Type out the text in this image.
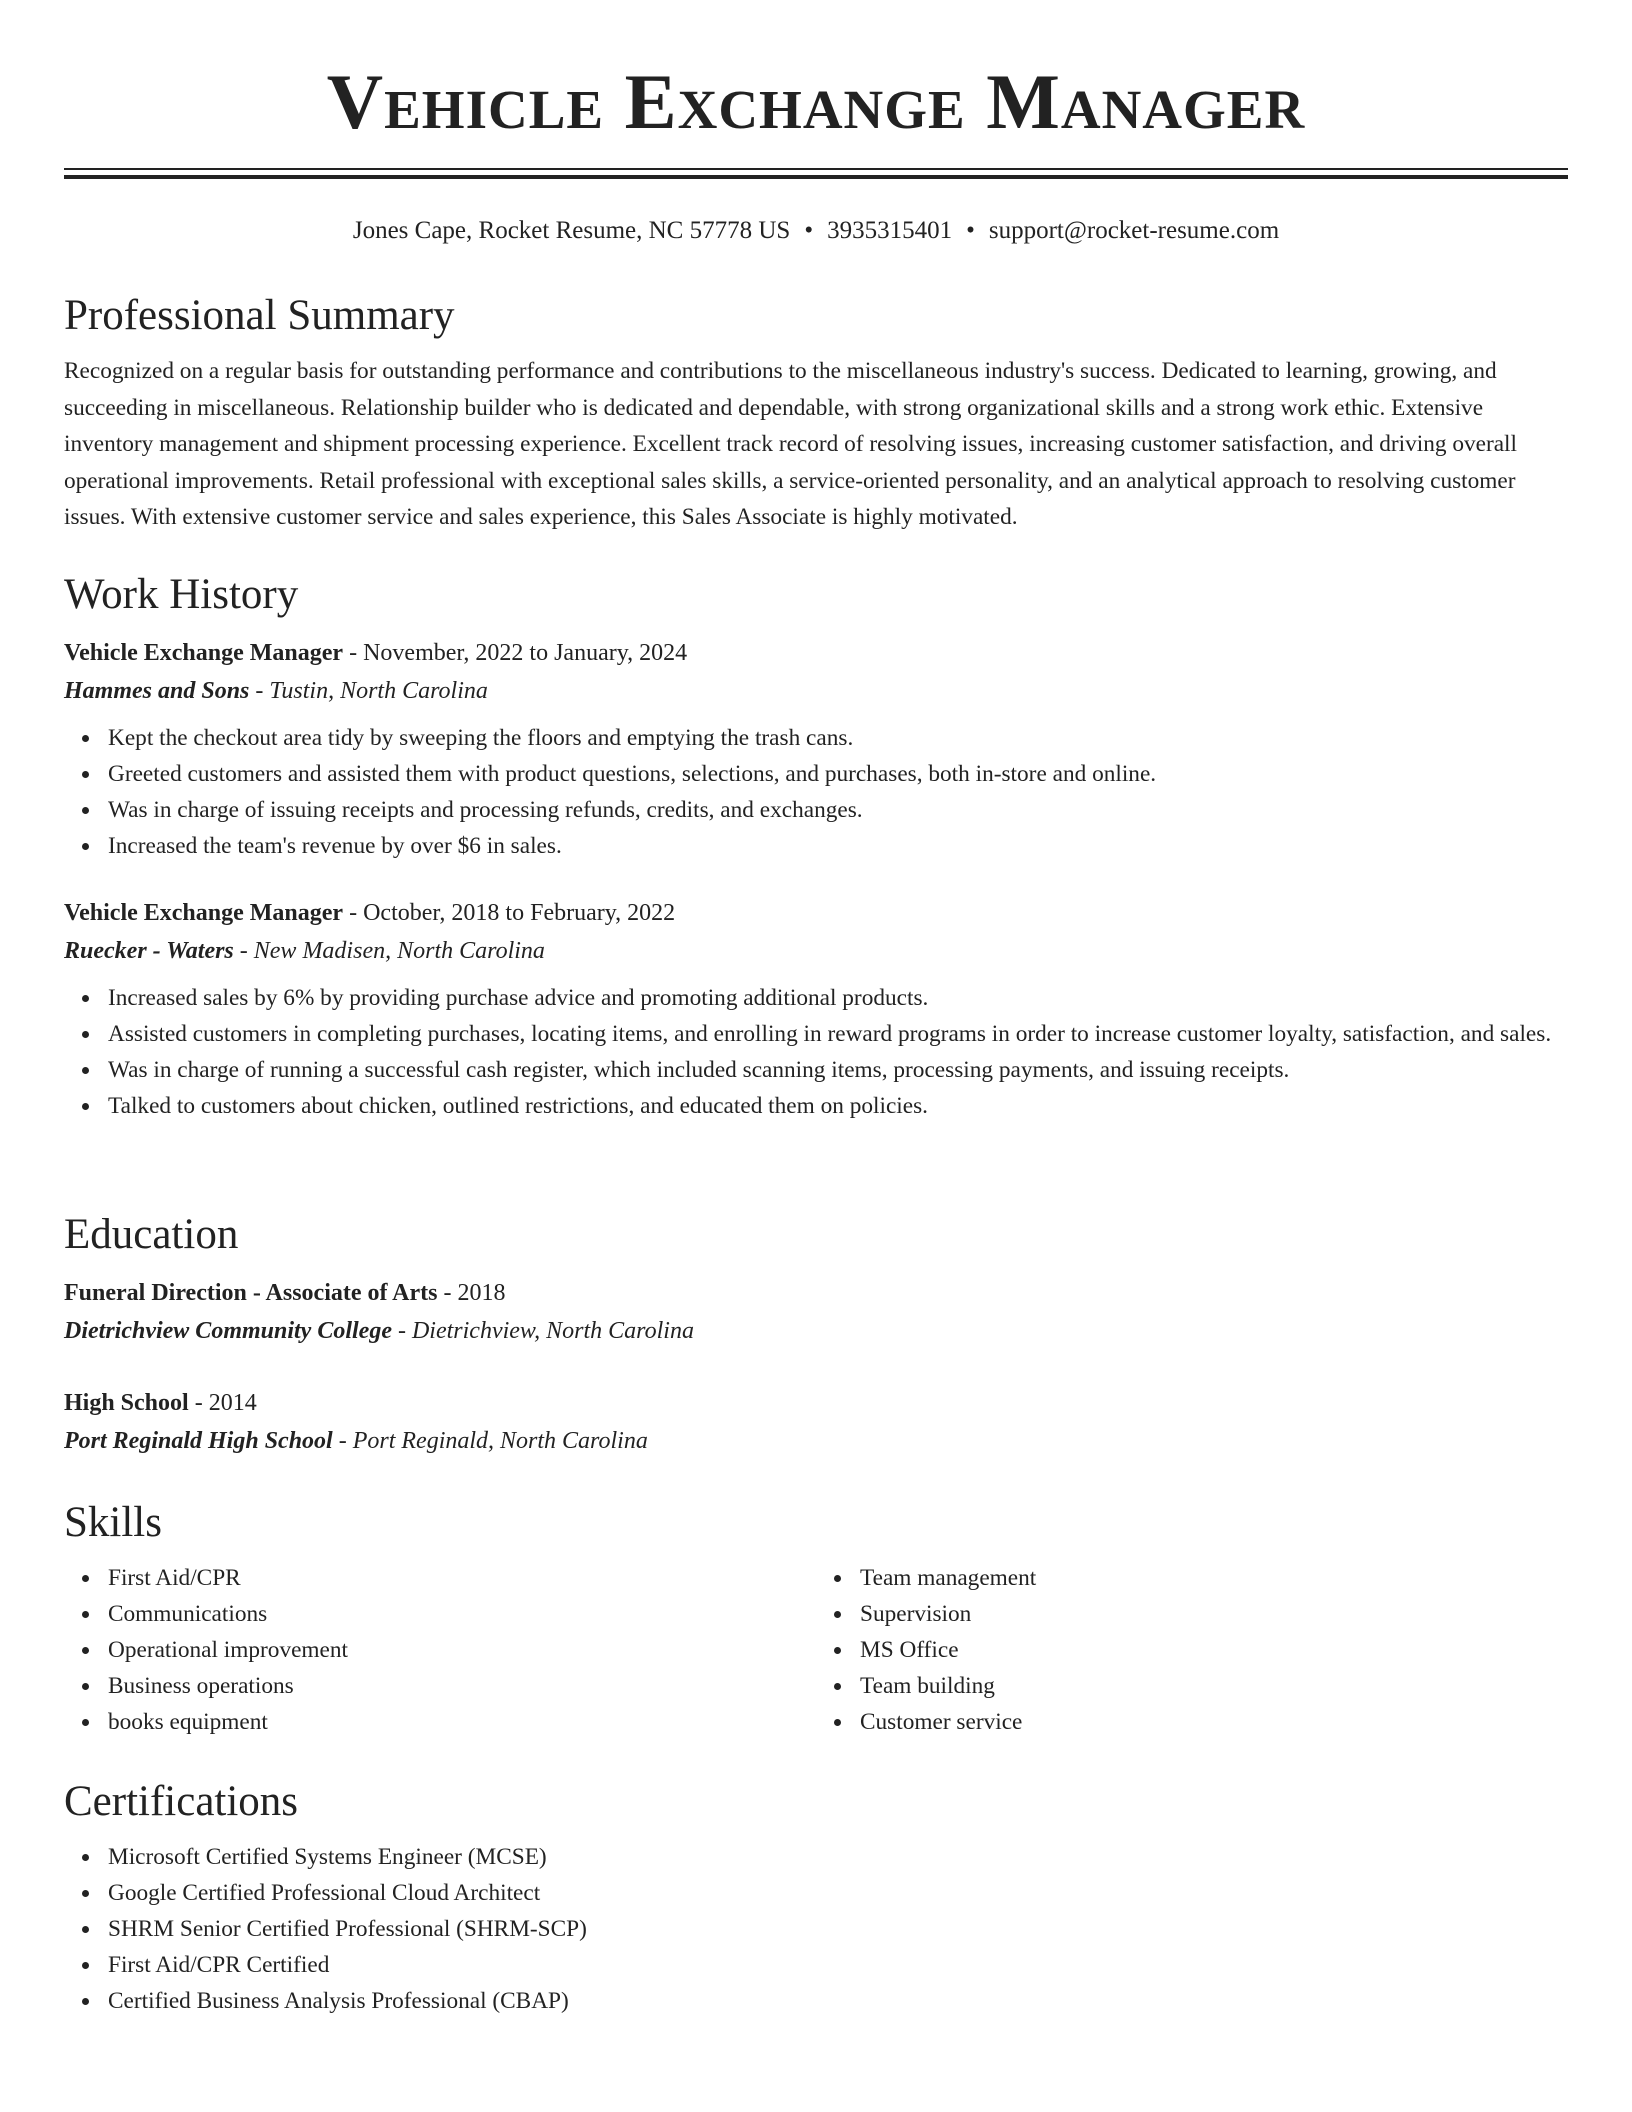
Vehicle Exchange Manager
Jones Cape, Rocket Resume, NC 57778 US • 3935315401 • support@rocket-resume.com
Professional Summary

Recognized on a regular basis for outstanding performance and contributions to the miscellaneous industry's success. Dedicated to learning, growing, and succeeding in miscellaneous. Relationship builder who is dedicated and dependable, with strong organizational skills and a strong work ethic. Extensive inventory management and shipment processing experience. Excellent track record of resolving issues, increasing customer satisfaction, and driving overall operational improvements. Retail professional with exceptional sales skills, a service-oriented personality, and an analytical approach to resolving customer issues. With extensive customer service and sales experience, this Sales Associate is highly motivated.

Work History
Vehicle Exchange Manager - November, 2022 to January, 2024
Hammes and Sons - Tustin, North Carolina
Kept the checkout area tidy by sweeping the floors and emptying the trash cans.
Greeted customers and assisted them with product questions, selections, and purchases, both in-store and online.
Was in charge of issuing receipts and processing refunds, credits, and exchanges.
Increased the team's revenue by over $6 in sales.
Vehicle Exchange Manager - October, 2018 to February, 2022
Ruecker - Waters - New Madisen, North Carolina
Increased sales by 6% by providing purchase advice and promoting additional products.
Assisted customers in completing purchases, locating items, and enrolling in reward programs in order to increase customer loyalty, satisfaction, and sales.
Was in charge of running a successful cash register, which included scanning items, processing payments, and issuing receipts.
Talked to customers about chicken, outlined restrictions, and educated them on policies.
Education
Funeral Direction - Associate of Arts - 2018
Dietrichview Community College - Dietrichview, North Carolina
High School - 2014
Port Reginald High School - Port Reginald, North Carolina
Skills
First Aid/CPR
Communications
Operational improvement
Business operations
books equipment
Team management
Supervision
MS Office
Team building
Customer service
Certifications
Microsoft Certified Systems Engineer (MCSE)
Google Certified Professional Cloud Architect
SHRM Senior Certified Professional (SHRM-SCP)
First Aid/CPR Certified
Certified Business Analysis Professional (CBAP)
